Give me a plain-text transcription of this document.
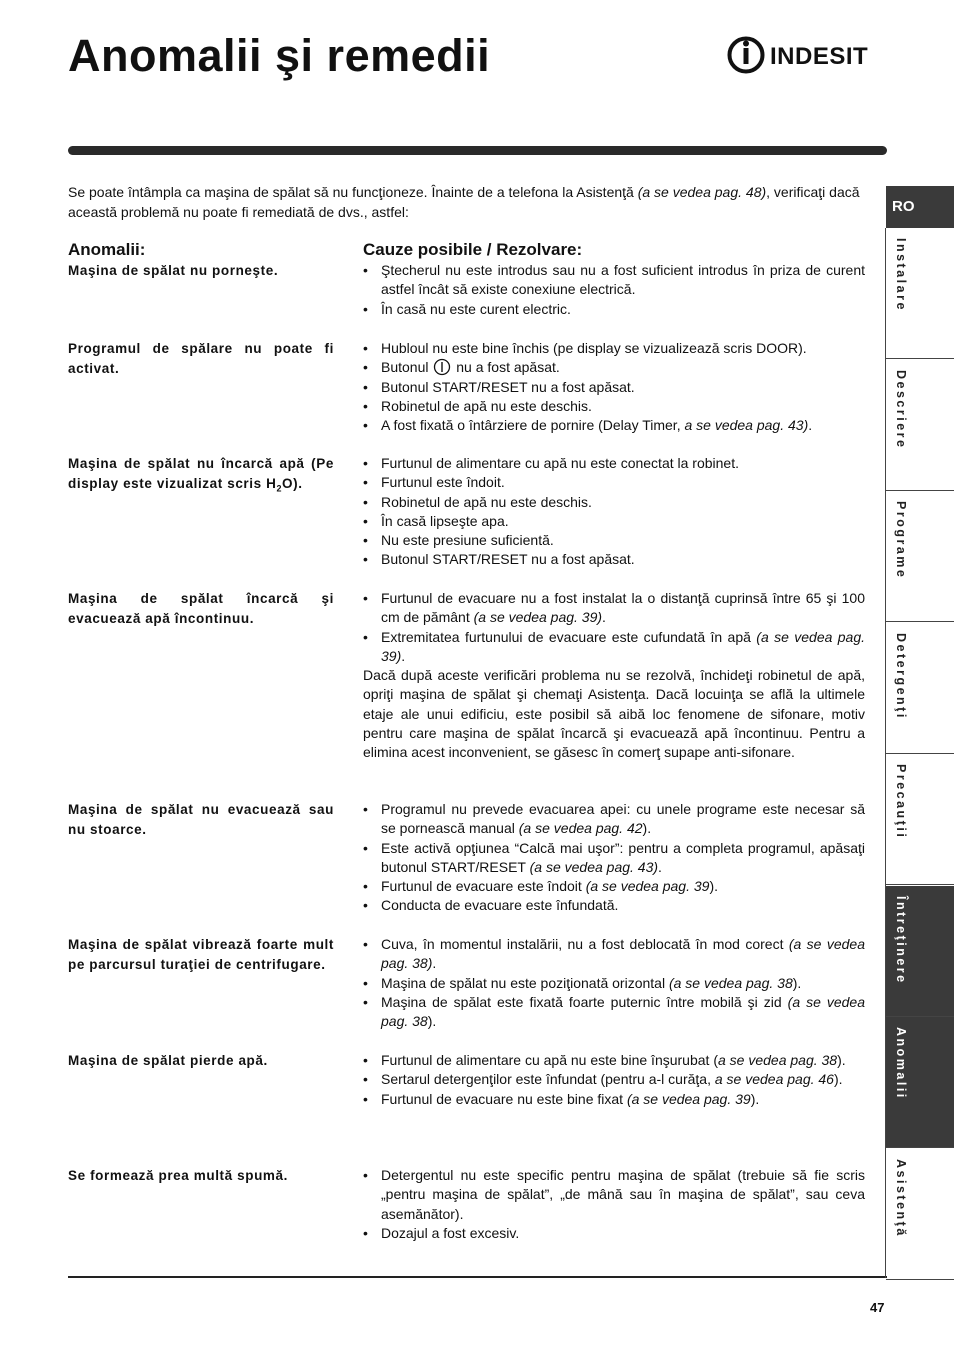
Anomalii şi remedii	INDESIT

Se poate întâmpla ca maşina de spălat să nu funcţioneze. Înainte de a telefona la Asistenţă (a se vedea pag. 48), verificaţi dacă această problemă nu poate fi remediată de dvs., astfel:

Anomalii:	Cauze posibile / Rezolvare:
Maşina de spălat nu porneşte.	• Ştecherul nu este introdus sau nu a fost suficient introdus în priza de curent astfel încât să existe conexiune electrică.
• În casă nu este curent electric.
Programul de spălare nu poate fi activat.
• Hubloul nu este bine închis (pe display se vizualizează scris DOOR).
• Butonul  nu a fost apăsat.
• Butonul START/RESET nu a fost apăsat.
• Robinetul de apă nu este deschis.
• A fost fixată o întârziere de pornire (Delay Timer, a se vedea pag. 43).
Maşina de spălat nu încarcă apă (Pe display este vizualizat scris $H_2O$).
• Furtunul de alimentare cu apă nu este conectat la robinet.
• Furtunul este îndoit.
• Robinetul de apă nu este deschis.
• În casă lipseşte apa.
• Nu este presiune suficientă.
• Butonul START/RESET nu a fost apăsat.
Maşina de spălat încarcă şi evacuează apă încontinuu.
• Furtunul de evacuare nu a fost instalat la o distanţă cuprinsă între 65 şi 100 cm de pământ (a se vedea pag. 39).
• Extremitatea furtunului de evacuare este cufundată în apă (a se vedea pag. 39).
Dacă după aceste verificări problema nu se rezolvă, închideţi robinetul de apă, opriţi maşina de spălat şi chemaţi Asistenţa. Dacă locuinţa se află la ultimele etaje ale unui edificiu, este posibil să aibă loc fenomene de sifonare, motiv pentru care maşina de spălat încarcă şi evacuează apă încontinuu. Pentru a elimina acest inconvenient, se găsesc în comerţ supape anti-sifonare.
Maşina de spălat nu evacuează sau nu stoarce.
• Programul nu prevede evacuarea apei: cu unele programe este necesar să se pornească manual (a se vedea pag. 42).
• Este activă opţiunea “Calcă mai uşor”: pentru a completa programul, apăsaţi butonul START/RESET (a se vedea pag. 43).
• Furtunul de evacuare este îndoit (a se vedea pag. 39).
• Conducta de evacuare este înfundată.
Maşina de spălat vibrează foarte mult pe parcursul turaţiei de centrifugare.
• Cuva, în momentul instalării, nu a fost deblocată în mod corect (a se vedea pag. 38).
• Maşina de spălat nu este poziţionată orizontal (a se vedea pag. 38).
• Maşina de spălat este fixată foarte puternic între mobilă şi zid (a se vedea pag. 38).
Maşina de spălat pierde apă.	• Furtunul de alimentare cu apă nu este bine înşurubat (a se vedea pag. 38).
• Sertarul detergenţilor este înfundat (pentru a-l curăţa, a se vedea pag. 46).
• Furtunul de evacuare nu este bine fixat (a se vedea pag. 39).
Se formează prea multă spumă.	• Detergentul nu este specific pentru maşina de spălat (trebuie să fie scris „pentru maşina de spălat”, „de mână sau în maşina de spălat”, sau ceva asemănător).
• Dozajul a fost excesiv.
47
RO
Instalare
Descriere
Programe
Detergenţi
Precauţii
Întreţinere
Anomalii
Asistenţă
